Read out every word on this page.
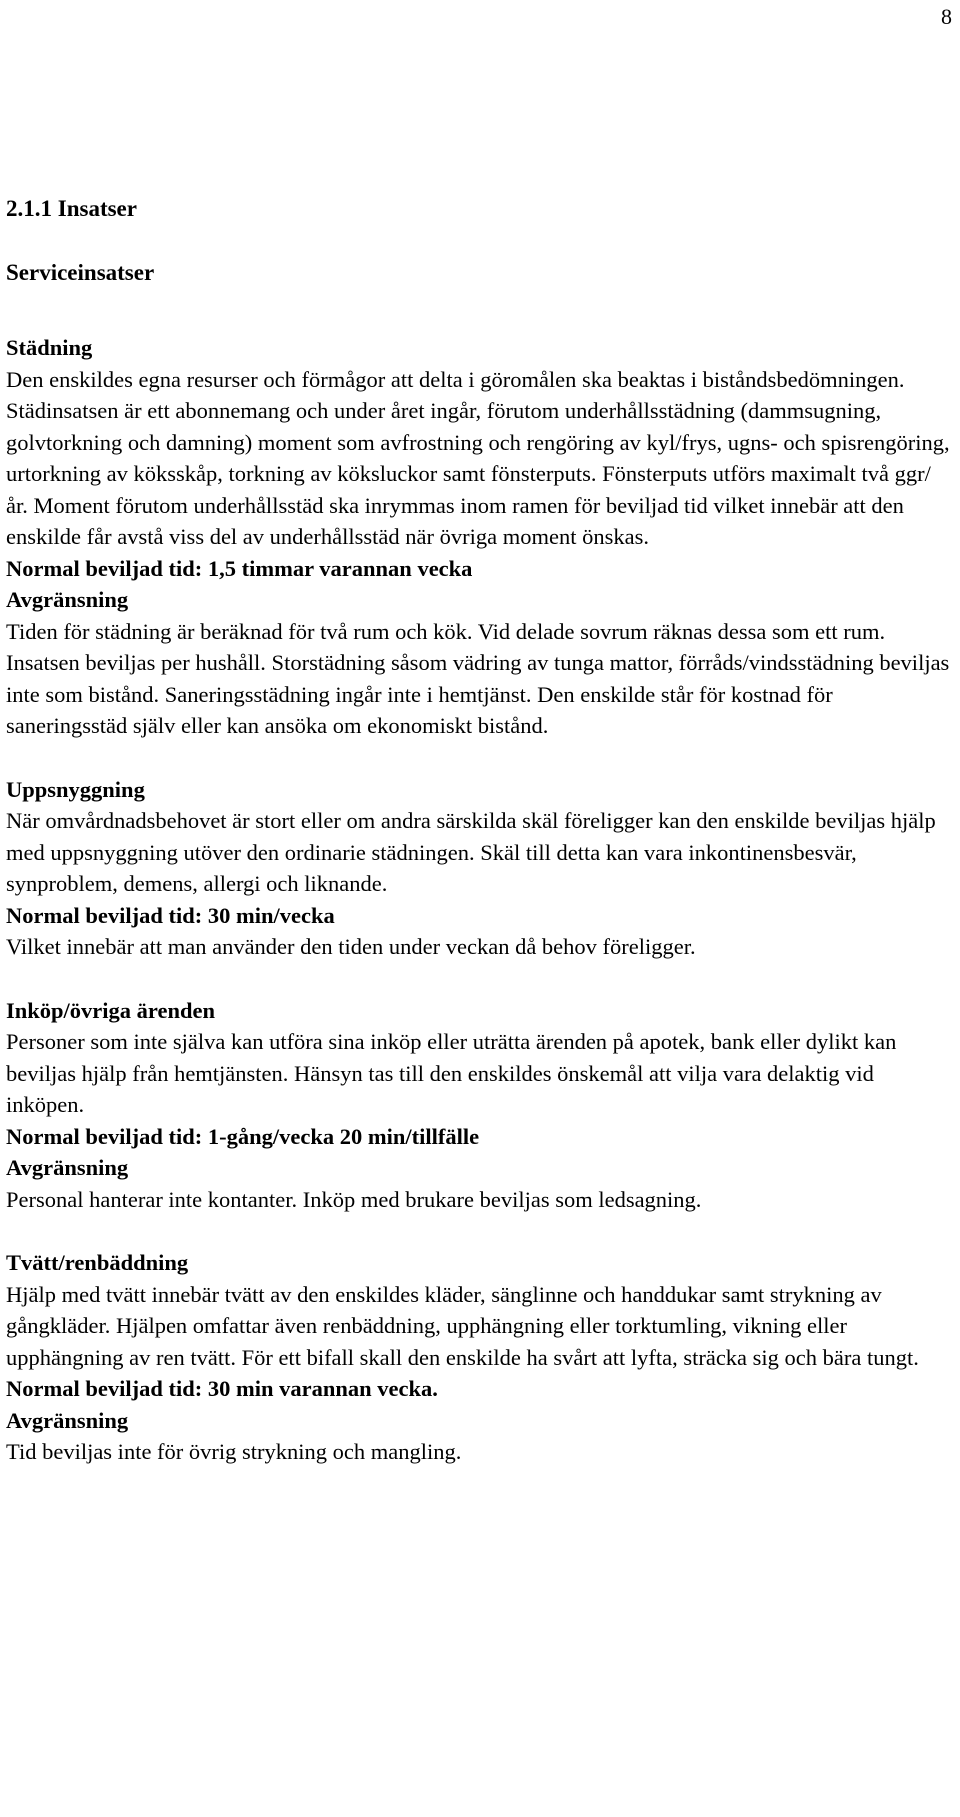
8

2.1.1 Insatser

Serviceinsatser

Städning

Den enskildes egna resurser och förmågor att delta i göromålen ska beaktas i biståndsbedömningen. Städinsatsen är ett abonnemang och under året ingår, förutom underhållsstädning (dammsugning, golvtorkning och damning) moment som avfrostning och rengöring av kyl/frys, ugns- och spisrengöring, urtorkning av köksskåp, torkning av köksluckor samt fönsterputs. Fönsterputs utförs maximalt två ggr/år. Moment förutom underhållsstäd ska inrymmas inom ramen för beviljad tid vilket innebär att den enskilde får avstå viss del av underhållsstäd när övriga moment önskas.

Normal beviljad tid: 1,5 timmar varannan vecka

Avgränsning

Tiden för städning är beräknad för två rum och kök. Vid delade sovrum räknas dessa som ett rum. Insatsen beviljas per hushåll. Storstädning såsom vädring av tunga mattor, förråds/vindsstädning beviljas inte som bistånd. Saneringsstädning ingår inte i hemtjänst. Den enskilde står för kostnad för saneringsstäd själv eller kan ansöka om ekonomiskt bistånd.

Uppsnyggning

När omvårdnadsbehovet är stort eller om andra särskilda skäl föreligger kan den enskilde beviljas hjälp med uppsnyggning utöver den ordinarie städningen. Skäl till detta kan vara inkontinensbesvär, synproblem, demens, allergi och liknande.

Normal beviljad tid: 30 min/vecka

Vilket innebär att man använder den tiden under veckan då behov föreligger.

Inköp/övriga ärenden

Personer som inte själva kan utföra sina inköp eller uträtta ärenden på apotek, bank eller dylikt kan beviljas hjälp från hemtjänsten. Hänsyn tas till den enskildes önskemål att vilja vara delaktig vid inköpen.

Normal beviljad tid: 1-gång/vecka 20 min/tillfälle

Avgränsning

Personal hanterar inte kontanter. Inköp med brukare beviljas som ledsagning.

Tvätt/renbäddning

Hjälp med tvätt innebär tvätt av den enskildes kläder, sänglinne och handdukar samt strykning av gångkläder. Hjälpen omfattar även renbäddning, upphängning eller torktumling, vikning eller upphängning av ren tvätt. För ett bifall skall den enskilde ha svårt att lyfta, sträcka sig och bära tungt.

Normal beviljad tid: 30 min varannan vecka.

Avgränsning

Tid beviljas inte för övrig strykning och mangling.
